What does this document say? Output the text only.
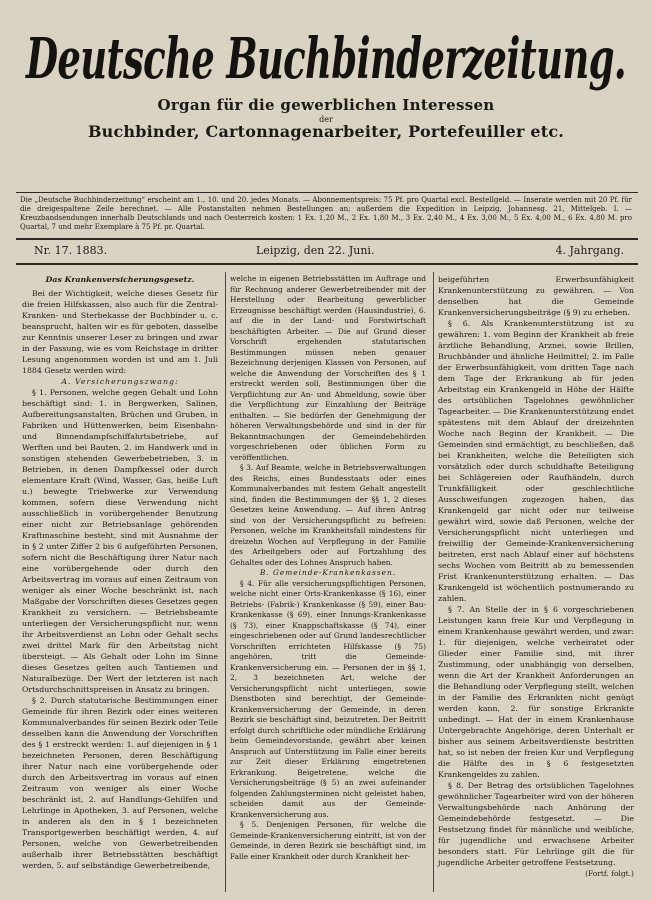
Deutsche Buchbinderzeitung.
Organ für die gewerblichen Interessen
der
Buchbinder, Cartonnagenarbeiter, Portefeuiller etc.
Die „Deutsche Buchbinderzeitung“ erscheint am 1., 10. und 20. jedes Monats. — Abonnementspreis: 75 Pf. pro Quartal excl. Bestellgeld. — Inserate werden mit 20 Pf. für die dreigespaltene Zeile berechnet. — Alle Postanstalten nehmen Bestellungen an; außerdem die Expedition in Leipzig, Johannesg. 21, Mittelgeb. I. — Kreuzbandsendungen innerhalb Deutschlands und nach Oesterreich kosten: 1 Ex. 1,20 M., 2 Ex. 1,80 M., 3 Ex. 2,40 M., 4 Ex. 3,00 M., 5 Ex. 4,00 M., 6 Ex. 4,80 M. pro Quartal, 7 und mehr Exemplare à 75 Pf. pr. Quartal.
Nr. 17. 1883.	Leipzig, den 22. Juni.	4. Jahrgang.

Das Krankenversicherungsgesetz.

Bei der Wichtigkeit, welche dieses Gesetz für die freien Hilfskassen, also auch für die Zentral-Kranken- und Sterbekasse der Buchbinder u. c. beansprucht, halten wir es für geboten, dasselbe zur Kenntnis unserer Leser zu bringen und zwar in der Fassung, wie es vom Reichstage in dritter Lesung angenommen worden ist und am 1. Juli 1884 Gesetz werden wird:

A. Versicherungszwang:

§ 1. Personen, welche gegen Gehalt und Lohn beschäftigt sind: 1. in Bergwerken, Salinen, Aufbereitungsanstalten, Brüchen und Gruben, in Fabriken und Hüttenwerken, beim Eisenbahn- und Binnendampfschiffahrtsbetriebe, auf Werften und bei Bauten, 2. im Handwerk und in sonstigen stehenden Gewerbebetrieben, 3. in Betrieben, in denen Dampfkessel oder durch elementare Kraft (Wind, Wasser, Gas, heiße Luft u.) bewegte Triebwerke zur Verwendung kommen, sofern diese Verwendung nicht ausschließlich in vorübergehender Benutzung einer nicht zur Betriebsanlage gehörenden Kraftmaschine besteht, sind mit Ausnahme der in § 2 unter Ziffer 2 bis 6 aufgeführten Personen, sofern nicht die Beschäftigung ihrer Natur nach eine vorübergehende oder durch den Arbeitsvertrag im voraus auf einen Zeitraum von weniger als einer Woche beschränkt ist, nach Maßgabe der Vorschriften dieses Gesetzes gegen Krankheit zu versichern. — Betriebsbeamte unterliegen der Versicherungspflicht nur, wenn ihr Arbeitsverdienst an Lohn oder Gehalt sechs zwei drittel Mark für den Arbeitstag nicht übersteigt. — Als Gehalt oder Lohn im Sinne dieses Gesetzes gelten auch Tantiemen und Naturalbezüge. Der Wert der letzteren ist nach Ortsdurchschnittspreisen in Ansatz zu bringen.

§ 2. Durch statutarische Bestimmungen einer Gemeinde für ihren Bezirk oder eines weiteren Kommunalverbandes für seinen Bezirk oder Teile desselben kann die Anwendung der Vorschriften des § 1 erstreckt werden: 1. auf diejenigen in § 1 bezeichneten Personen, deren Beschäftigung ihrer Natur nach eine vorübergehende oder durch den Arbeitsvertrag im voraus auf einen Zeitraum von weniger als einer Woche beschränkt ist, 2. auf Handlungs-Gehilfen und Lehrlinge in Apotheken, 3. auf Personen, welche in anderen als den in § 1 bezeichneten Transportgewerben beschäftigt werden, 4. auf Personen, welche von Gewerbetreibenden außerhalb ihrer Betriebsstätten beschäftigt werden, 5. auf selbständige Gewerbetreibende,

welche in eigenen Betriebsstätten im Auftrage und für Rechnung anderer Gewerbetreibender mit der Herstellung oder Bearbeitung gewerblicher Erzeugnisse beschäftigt werden (Hausindustrie), 6. auf die in der Land- und Forstwirtschaft beschäftigten Arbeiter. — Die auf Grund dieser Vorschrift ergehenden statutarischen Bestimmungen müssen neben genauer Bezeichnung derjenigen Klassen von Personen, auf welche die Anwendung der Vorschriften des § 1 erstreckt werden soll, Bestimmungen über die Verpflichtung zur An- und Abmeldung, sowie über die Verpflichtung zur Einzahlung der Beiträge enthalten. — Sie bedürfen der Genehmigung der höheren Verwaltungsbehörde und sind in der für Bekanntmachungen der Gemeindebehörden vorgeschriebenen oder üblichen Form zu veröffentlichen.

§ 3. Auf Beamte, welche in Betriebsverwaltungen des Reichs, eines Bundesstaats oder eines Kommunalverbandes mit festem Gehalt angestellt sind, finden die Bestimmungen der §§ 1, 2 dieses Gesetzes keine Anwendung. — Auf ihren Antrag sind von der Versicherungspflicht zu befreien: Personen, welche im Krankheitsfall mindestens für dreizehn Wochen auf Verpflegung in der Familie des Arbeitgebers oder auf Fortzahlung des Gehaltes oder des Lohnes Anspruch haben.

B. Gemeinde-Krankenkassen.

§ 4. Für alle versicherungspflichtigen Personen, welche nicht einer Orts-Krankenkasse (§ 16), einer Betriebs- (Fabrik-) Krankenkasse (§ 59), einer Bau-Krankenkasse (§ 69), einer Innungs-Krankenkasse (§ 73), einer Knappschaftskasse (§ 74), einer eingeschriebenen oder auf Grund landesrechtlicher Vorschriften errichteten Hilfskasse (§ 75) angehören, tritt die Gemeinde-Krankenversicherung ein. — Personen der in §§ 1, 2, 3 bezeichneten Art, welche der Versicherungspflicht nicht unterliegen, sowie Dienstboten sind berechtigt, der Gemeinde-Krankenversicherung der Gemeinde, in deren Bezirk sie beschäftigt sind, beizutreten. Der Beitritt erfolgt durch schriftliche oder mündliche Erklärung beim Gemeindevorstande, gewährt aber keinen Anspruch auf Unterstützung im Falle einer bereits zur Zeit dieser Erklärung eingetretenen Erkrankung. Beigetretene, welche die Versicherungsbeiträge (§ 5) an zwei aufeinander folgenden Zahlungsterminen nicht geleistet haben, scheiden damit aus der Gemeinde-Krankenversicherung aus.

§ 5. Denjenigen Personen, für welche die Gemeinde-Krankenversicherung eintritt, ist von der Gemeinde, in deren Bezirk sie beschäftigt sind, im Falle einer Krankheit oder durch Krankheit her-

beigeführten Erwerbsunfähigkeit Krankenunterstützung zu gewähren. — Von denselben hat die Gemeinde Krankenversicherungsbeiträge (§ 9) zu erheben.

§ 6. Als Krankenunterstützung ist zu gewähren: 1. vom Beginn der Krankheit ab freie ärztliche Behandlung, Arznei, sowie Brillen, Bruchbänder und ähnliche Heilmittel; 2. im Falle der Erwerbsunfähigkeit, vom dritten Tage nach dem Tage der Erkrankung ab für jeden Arbeitstag ein Krankengeld in Höhe der Hälfte des ortsüblichen Tagelohnes gewöhnlicher Tagearbeiter. — Die Krankenunterstützung endet spätestens mit dem Ablauf der dreizehnten Woche nach Beginn der Krankheit. — Die Gemeinden sind ermächtigt, zu beschließen, daß bei Krankheiten, welche die Beteiligten sich vorsätzlich oder durch schuldhafte Beteiligung bei Schlägereien oder Raufhändeln, durch Trunkfälligkeit oder geschlechtliche Ausschweifungen zugezogen haben, das Krankengeld gar nicht oder nur teilweise gewährt wird, sowie daß Personen, welche der Versicherungspflicht nicht unterliegen und freiwillig der Gemeinde-Krankenversicherung beitreten, erst nach Ablauf einer auf höchstens sechs Wochen vom Beitritt ab zu bemessenden Frist Krankenunterstützung erhalten. — Das Krankengeld ist wöchentlich postnumerando zu zahlen.

§ 7. An Stelle der in § 6 vorgeschriebenen Leistungen kann freie Kur und Verpflegung in einem Krankenhause gewährt werden, und zwar: 1. für diejenigen, welche verheiratet oder Glieder einer Familie sind, mit ihrer Zustimmung, oder unabhängig von derselben, wenn die Art der Krankheit Anforderungen an die Behandlung oder Verpflegung stellt, welchen in der Familie des Erkrankten nicht genügt werden kann, 2. für sonstige Erkrankte unbedingt. — Hat der in einem Krankenhause Untergebrachte Angehörige, deren Unterhalt er bisher aus seinem Arbeitsverdienste bestritten hat, so ist neben der freien Kur und Verpflegung die Hälfte des in § 6 festgesetzten Krankengeldes zu zahlen.

§ 8. Der Betrag des ortsüblichen Tagelohnes gewöhnlicher Tagearbeiter wird von der höheren Verwaltungsbehörde nach Anhörung der Gemeindebehörde festgesetzt. — Die Festsetzung findet für männliche und weibliche, für jugendliche und erwachsene Arbeiter besonders statt. Für Lehrlinge gilt die für jugendliche Arbeiter getroffene Festsetzung.

(Fortf. folgt.)
